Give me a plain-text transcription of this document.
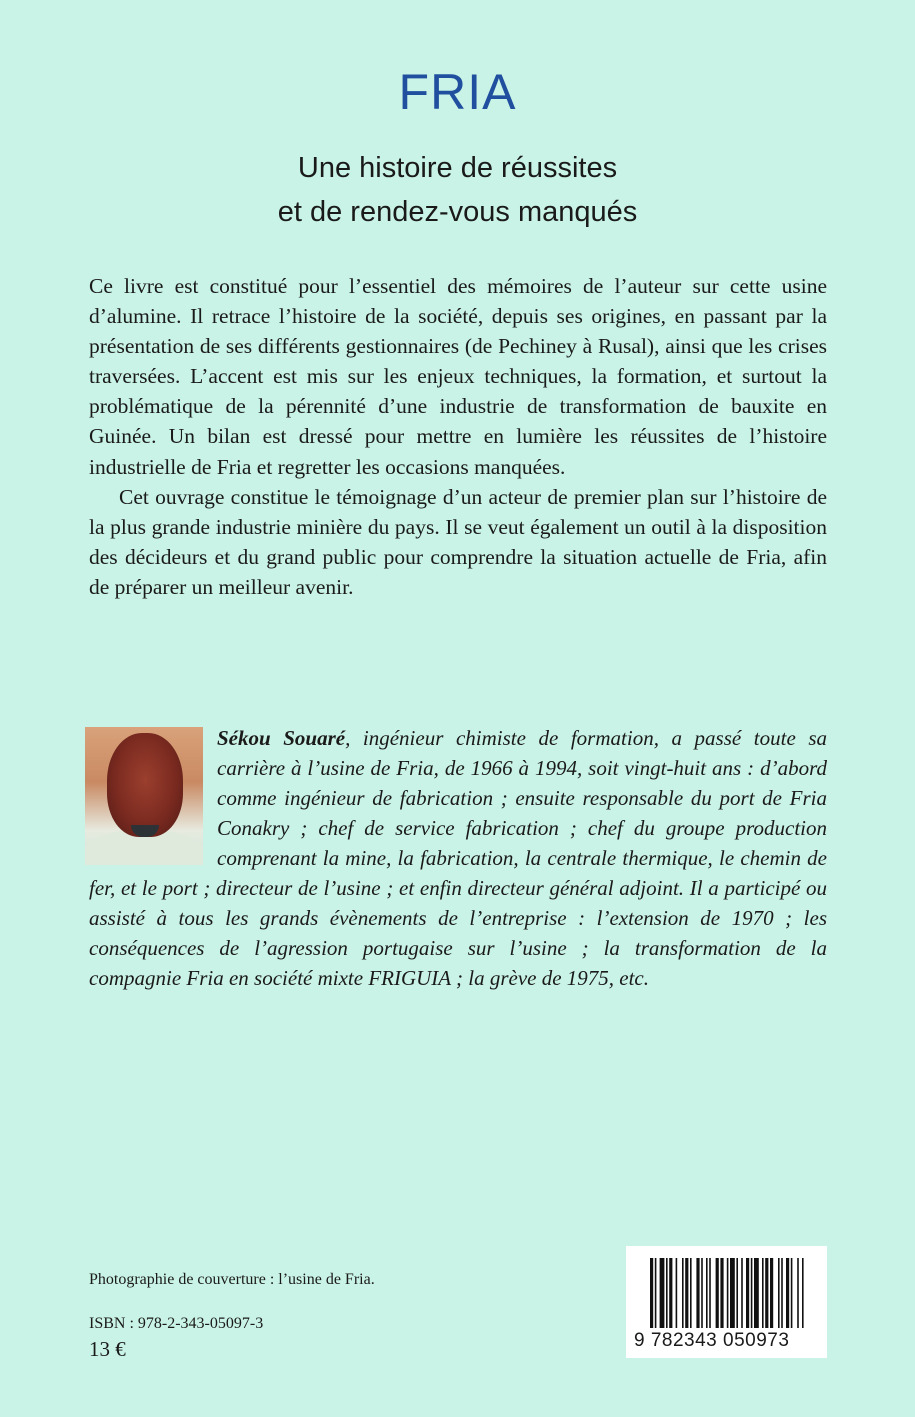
FRIA
Une histoire de réussites
et de rendez-vous manqués

Ce livre est constitué pour l’essentiel des mémoires de l’auteur sur cette usine d’alumine. Il retrace l’histoire de la société, depuis ses origines, en passant par la présentation de ses différents gestionnaires (de Pechiney à Rusal), ainsi que les crises traversées. L’accent est mis sur les enjeux techniques, la formation, et surtout la problématique de la pérennité d’une industrie de transformation de bauxite en Guinée. Un bilan est dressé pour mettre en lumière les réussites de l’histoire industrielle de Fria et regretter les occasions manquées.

Cet ouvrage constitue le témoignage d’un acteur de premier plan sur l’histoire de la plus grande industrie minière du pays. Il se veut également un outil à la disposition des décideurs et du grand public pour comprendre la situation actuelle de Fria, afin de préparer un meilleur avenir.

Sékou Souaré, ingénieur chimiste de formation, a passé toute sa carrière à l’usine de Fria, de 1966 à 1994, soit vingt-huit ans : d’abord comme ingénieur de fabrication ; ensuite responsable du port de Fria Conakry ; chef de service fabrication ; chef du groupe production comprenant la mine, la fabrication, la centrale thermique, le chemin de fer, et le port ; directeur de l’usine ; et enfin directeur général adjoint. Il a participé ou assisté à tous les grands évènements de l’entreprise : l’extension de 1970 ; les conséquences de l’agression portugaise sur l’usine ; la transformation de la compagnie Fria en société mixte FRIGUIA ; la grève de 1975, etc.
Photographie de couverture : l’usine de Fria.
ISBN : 978-2-343-05097-3
13 €	9 782343 050973
